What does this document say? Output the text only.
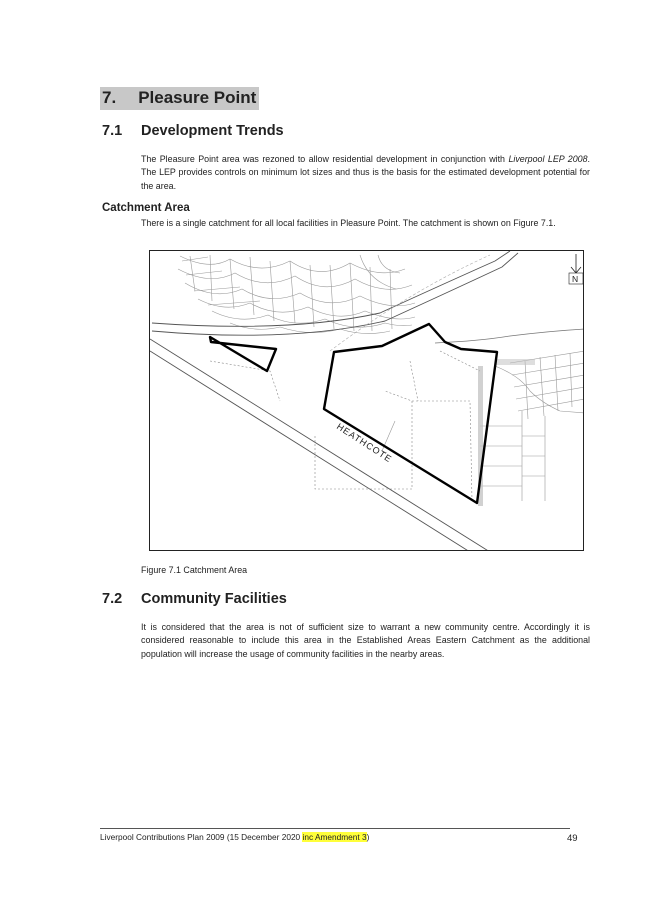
7. Pleasure Point
7.1	Development Trends
The Pleasure Point area was rezoned to allow residential development in conjunction with Liverpool LEP 2008. The LEP provides controls on minimum lot sizes and thus is the basis for the estimated development potential for the area.
Catchment Area
There is a single catchment for all local facilities in Pleasure Point. The catchment is shown on Figure 7.1.
HEATHCOTE
N
Figure 7.1 Catchment Area
7.2	Community Facilities
It is considered that the area is not of sufficient size to warrant a new community centre. Accordingly it is considered reasonable to include this area in the Established Areas Eastern Catchment as the additional population will increase the usage of community facilities in the nearby areas.
Liverpool Contributions Plan 2009 (15 December 2020 inc Amendment 3)	49
